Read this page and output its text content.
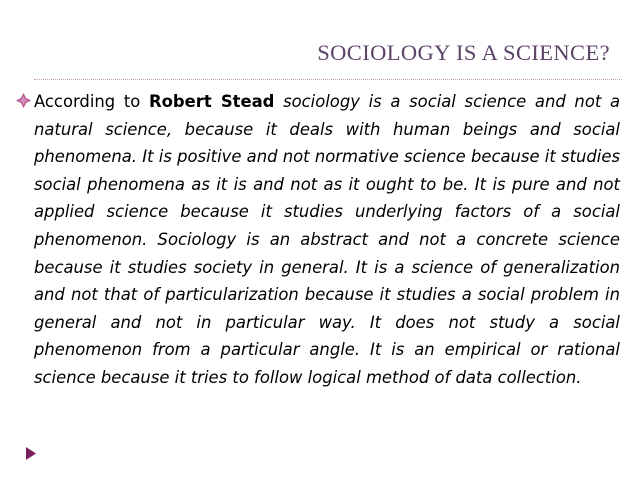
SOCIOLOGY IS A SCIENCE?

According to Robert Stead sociology is a social science and not a natural science, because it deals with human beings and social phenomena. It is positive and not normative science because it studies social phenomena as it is and not as it ought to be. It is pure and not applied science because it studies underlying factors of a social phenomenon. Sociology is an abstract and not a concrete science because it studies society in general. It is a science of generalization and not that of particularization because it studies a social problem in general and not in particular way. It does not study a social phenomenon from a particular angle. It is an empirical or rational science because it tries to follow logical method of data collection.
